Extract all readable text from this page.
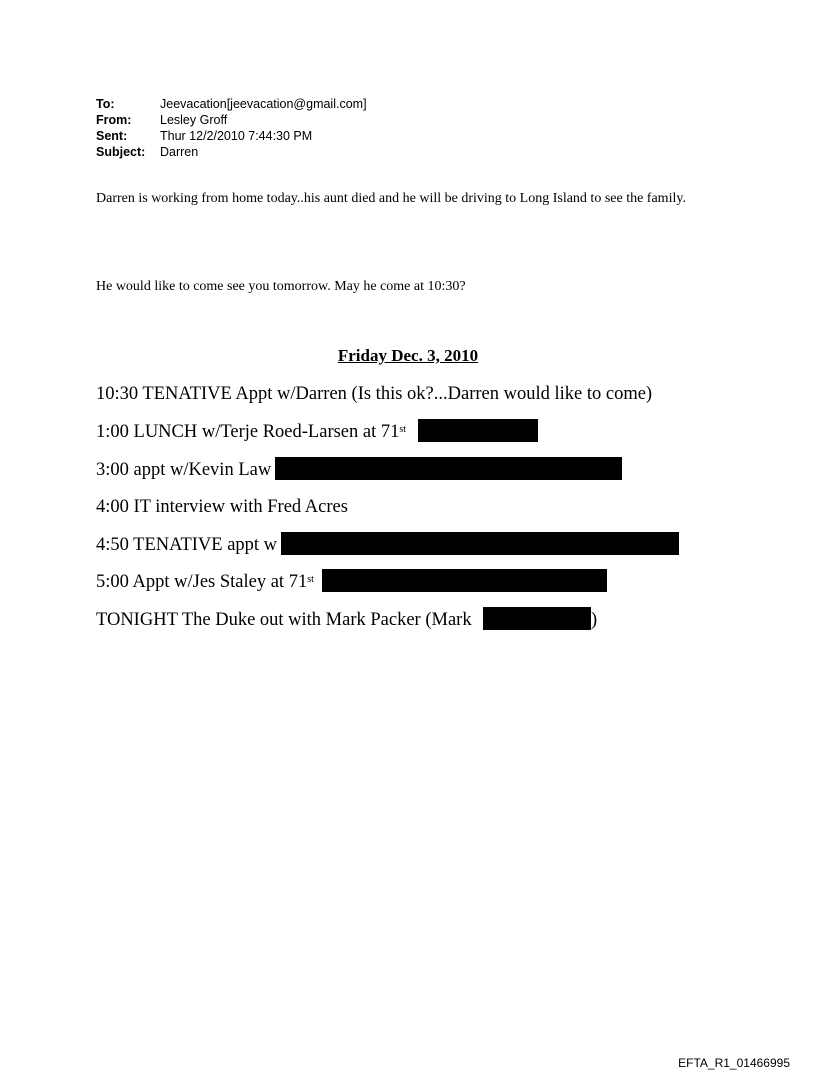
To:	Jeevacation[jeevacation@gmail.com]
From:	Lesley Groff
Sent:	Thur 12/2/2010 7:44:30 PM
Subject:	Darren
Darren is working from home today..his aunt died and he will be driving to Long Island to see the family.
He would like to come see you tomorrow. May he come at 10:30?
Friday Dec. 3, 2010
10:30 TENATIVE Appt w/Darren (Is this ok?...Darren would like to come)
1:00 LUNCH w/Terje Roed-Larsen at 71st
3:00 appt w/Kevin Law
4:00 IT interview with Fred Acres
4:50 TENATIVE appt w
5:00 Appt w/Jes Staley at 71st
TONIGHT The Duke out with Mark Packer (Mark	)
EFTA_R1_01466995
